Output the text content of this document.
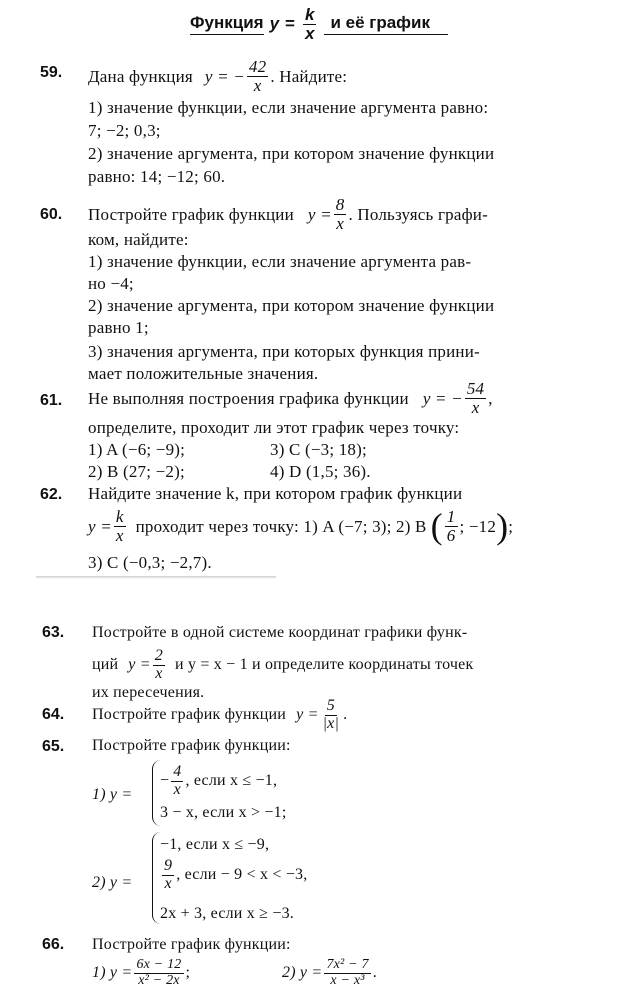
Функция $y = \frac{k}{x}$ и её график
59. Дана функция y = − $\frac{42}{x}$ . Найдите:
1) значение функции, если значение аргумента равно:
7; −2; 0,3;
2) значение аргумента, при котором значение функции
равно: 14; −12; 60.
60. Постройте график функции $y = \frac{8}{x}$ . Пользуясь графи-
ком, найдите:
1) значение функции, если значение аргумента рав-
но −4;
2) значение аргумента, при котором значение функции
равно 1;
3) значения аргумента, при которых функция прини-
мает положительные значения.
61. Не выполняя построения графика функции y = − $\frac{54}{x}$ ,
определите, проходит ли этот график через точку:
1) A (−6; −9);	3) C (−3; 18);
2) B (27; −2);	4) D (1,5; 36).
62. Найдите значение k, при котором график функции
$y = \frac{k}{x}$ проходит через точку: 1) A (−7; 3); 2) B ( $\frac{1}{6}$ ; −12 ) ;
3) C (−0,3; −2,7).
63. Постройте в одной системе координат графики функ-
ций $y = \frac{2}{x}$ и y = x − 1 и определите координаты точек
их пересечения.
64. Постройте график функции $y = \frac{5}{|x|}$ .
65. Постройте график функции:
1) y =
− $\frac{4}{x}$ , если x ≤ −1,
3 − x, если x > −1;
2) y =
−1, если x ≤ −9,
$\frac{9}{x}$ , если − 9 < x < −3,
2x + 3, если x ≥ −3.
66. Постройте график функции:
1) $y = \frac{6x - 12}{\text{x² − 2x}}$ ;	2) $y = \frac{\text{7x² − 7}}{\text{x − x³}}$ .
